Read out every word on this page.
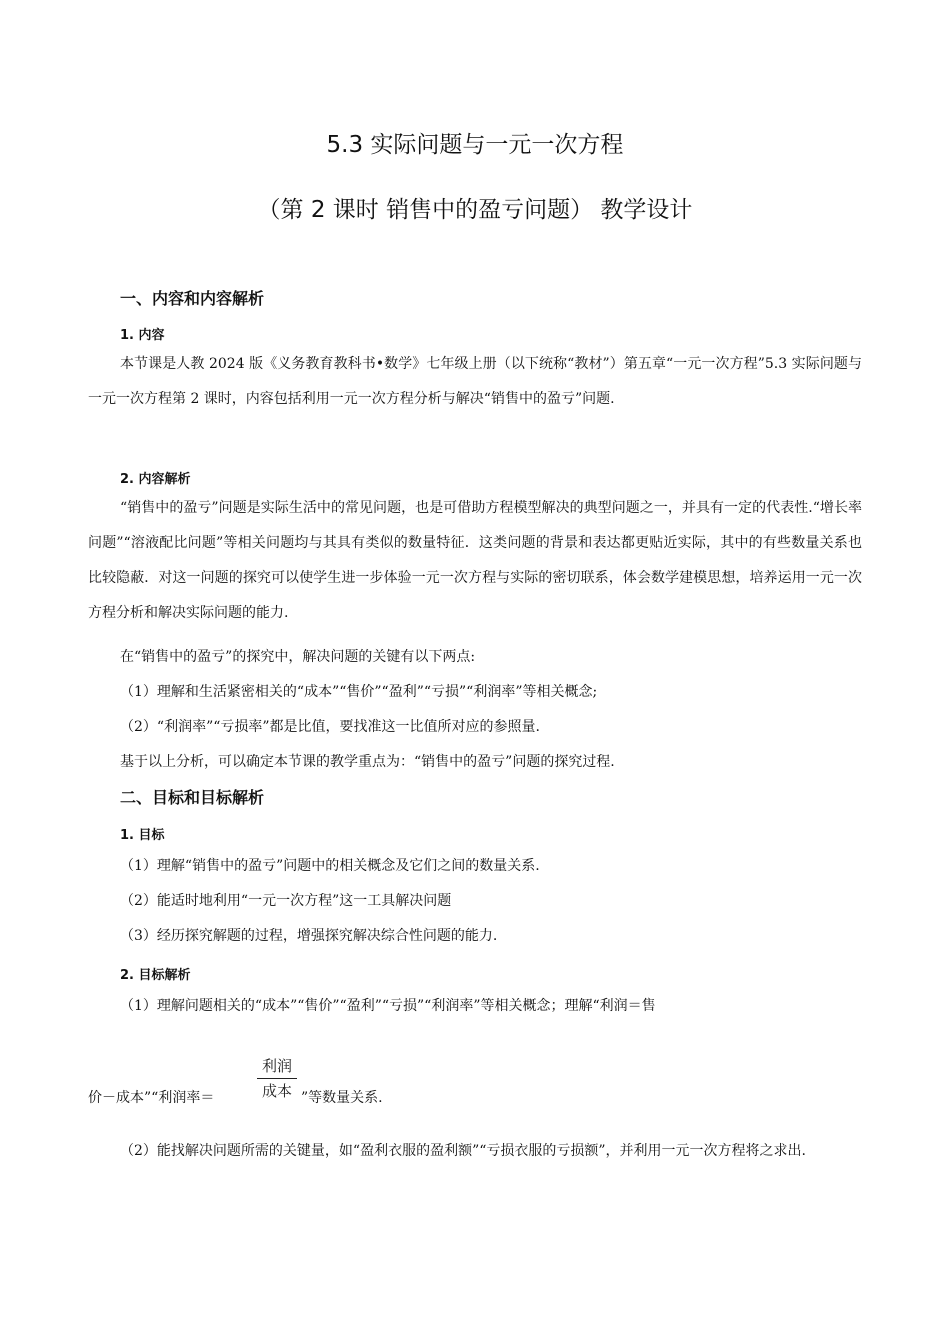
5.3 实际问题与一元一次方程
（第 2 课时 销售中的盈亏问题） 教学设计
一、内容和内容解析
1. 内容

本节课是人教 2024 版《义务教育教科书•数学》七年级上册（以下统称“教材”）第五章“一元一次方程”5.3 实际问题与一元一次方程第 2 课时，内容包括利用一元一次方程分析与解决“销售中的盈亏”问题.

2. 内容解析

“销售中的盈亏”问题是实际生活中的常见问题，也是可借助方程模型解决的典型问题之一，并具有一定的代表性.“增长率问题”“溶液配比问题”等相关问题均与其具有类似的数量特征．这类问题的背景和表达都更贴近实际，其中的有些数量关系也比较隐蔽．对这一问题的探究可以使学生进一步体验一元一次方程与实际的密切联系，体会数学建模思想，培养运用一元一次方程分析和解决实际问题的能力.

在“销售中的盈亏”的探究中，解决问题的关键有以下两点:

（1）理解和生活紧密相关的“成本”“售价”“盈利”“亏损”“利润率”等相关概念;

（2）“利润率”“亏损率”都是比值，要找准这一比值所对应的参照量.

基于以上分析，可以确定本节课的教学重点为：“销售中的盈亏”问题的探究过程.

二、目标和目标解析
1. 目标

（1）理解“销售中的盈亏”问题中的相关概念及它们之间的数量关系.

（2）能适时地利用“一元一次方程”这一工具解决问题

（3）经历探究解题的过程，增强探究解决综合性问题的能力.

2. 目标解析

（1）理解问题相关的“成本”“售价”“盈利”“亏损”“利润率”等相关概念；理解“利润＝售

价－成本”“利润率＝

利润
成本 ”等数量关系.

（2）能找解决问题所需的关键量，如“盈利衣服的盈利额”“亏损衣服的亏损额”，并利用一元一次方程将之求出.
